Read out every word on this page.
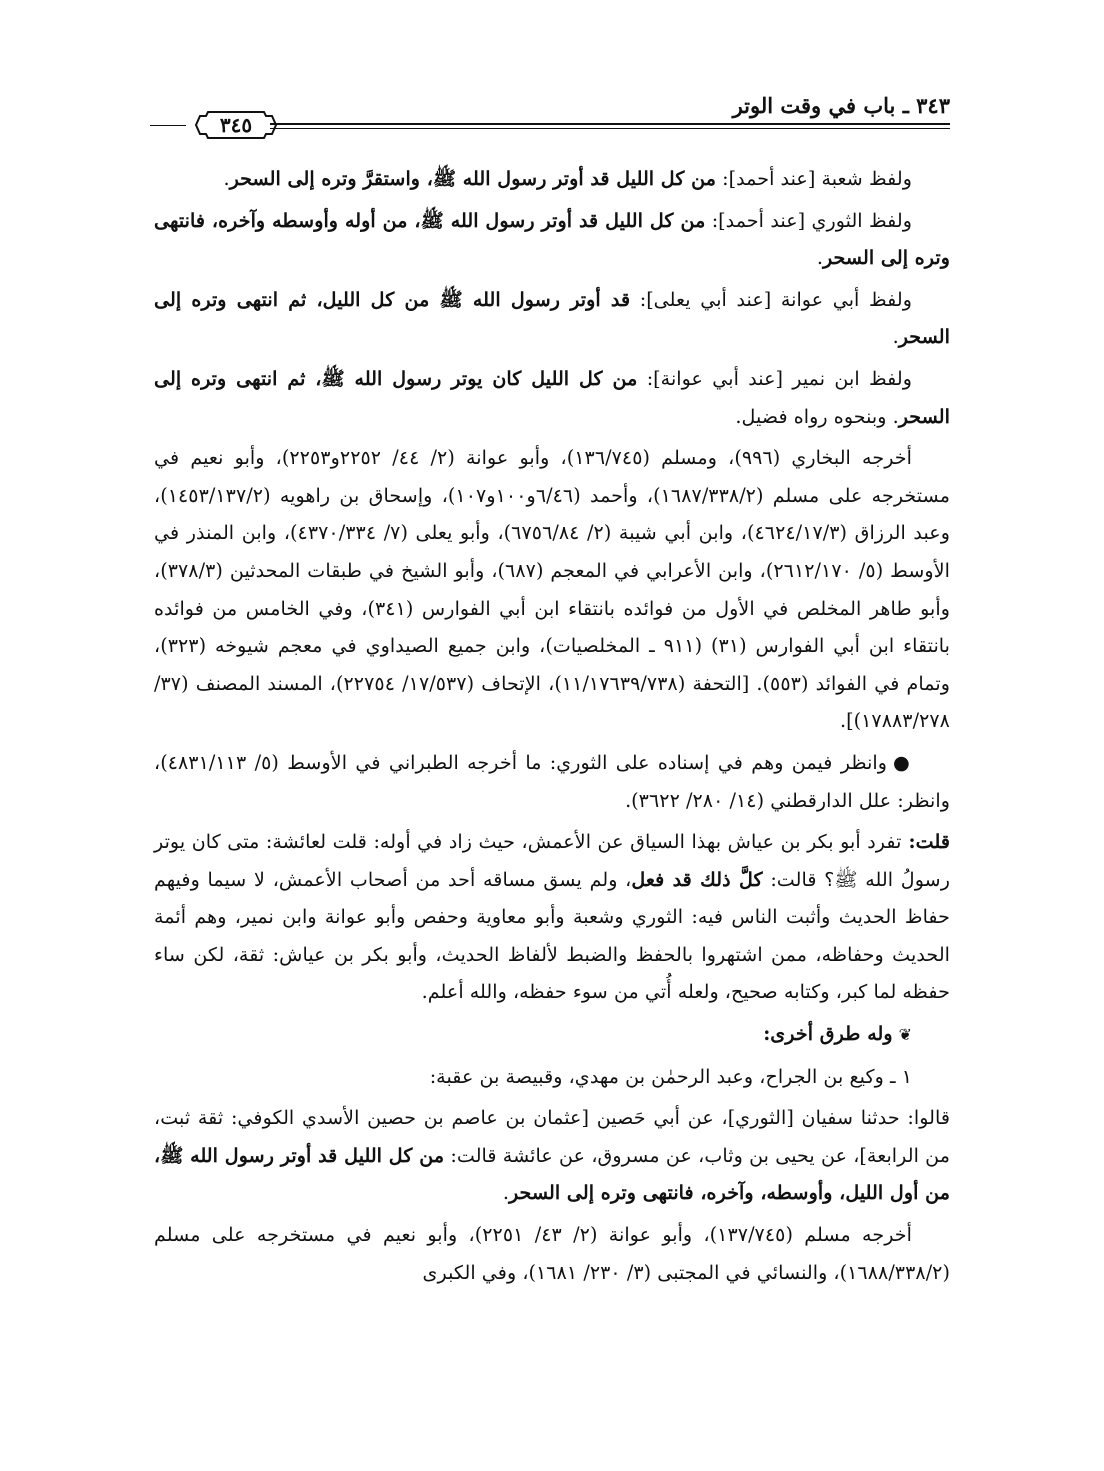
٣٤٣ ـ باب في وقت الوتر
٣٤٥

ولفظ شعبة [عند أحمد]: من كل الليل قد أوتر رسول الله ﷺ، واستقرَّ وتره إلى السحر.

ولفظ الثوري [عند أحمد]: من كل الليل قد أوتر رسول الله ﷺ، من أوله وأوسطه وآخره، فانتهى وتره إلى السحر.

ولفظ أبي عوانة [عند أبي يعلى]: قد أوتر رسول الله ﷺ من كل الليل، ثم انتهى وتره إلى السحر.

ولفظ ابن نمير [عند أبي عوانة]: من كل الليل كان يوتر رسول الله ﷺ، ثم انتهى وتره إلى السحر. وبنحوه رواه فضيل.

أخرجه البخاري (٩٩٦)، ومسلم (١٣٦/٧٤٥)، وأبو عوانة (٢/ ٤٤/ ٢٢٥٢و٢٢٥٣)، وأبو نعيم في مستخرجه على مسلم (١٦٨٧/٣٣٨/٢)، وأحمد (٦/٤٦و١٠٠و١٠٧)، وإسحاق بن راهويه (١٤٥٣/١٣٧/٢)، وعبد الرزاق (٤٦٢٤/١٧/٣)، وابن أبي شيبة (٢/ ٦٧٥٦/٨٤)، وأبو يعلى (٧/ ٤٣٧٠/٣٣٤)، وابن المنذر في الأوسط (٥/ ٢٦١٢/١٧٠)، وابن الأعرابي في المعجم (٦٨٧)، وأبو الشيخ في طبقات المحدثين (٣٧٨/٣)، وأبو طاهر المخلص في الأول من فوائده بانتقاء ابن أبي الفوارس (٣٤١)، وفي الخامس من فوائده بانتقاء ابن أبي الفوارس (٣١) (٩١١ ـ المخلصيات)، وابن جميع الصيداوي في معجم شيوخه (٣٢٣)، وتمام في الفوائد (٥٥٣). [التحفة (١١/١٧٦٣٩/٧٣٨)، الإتحاف (١٧/٥٣٧/ ٢٢٧٥٤)، المسند المصنف (٣٧/ ١٧٨٨٣/٢٧٨)].

●وانظر فيمن وهم في إسناده على الثوري: ما أخرجه الطبراني في الأوسط (٥/ ٤٨٣١/١١٣)، وانظر: علل الدارقطني (١٤/ ٢٨٠/ ٣٦٢٢).

قلت: تفرد أبو بكر بن عياش بهذا السياق عن الأعمش، حيث زاد في أوله: قلت لعائشة: متى كان يوتر رسولُ الله ﷺ؟ قالت: كلَّ ذلك قد فعل، ولم يسق مساقه أحد من أصحاب الأعمش، لا سيما وفيهم حفاظ الحديث وأثبت الناس فيه: الثوري وشعبة وأبو معاوية وحفص وأبو عوانة وابن نمير، وهم أئمة الحديث وحفاظه، ممن اشتهروا بالحفظ والضبط لألفاظ الحديث، وأبو بكر بن عياش: ثقة، لكن ساء حفظه لما كبر، وكتابه صحيح، ولعله أُتي من سوء حفظه، والله أعلم.

❦وله طرق أخرى:

١ ـ وكيع بن الجراح، وعبد الرحمٰن بن مهدي، وقبيصة بن عقبة:

قالوا: حدثنا سفيان [الثوري]، عن أبي حَصين [عثمان بن عاصم بن حصين الأسدي الكوفي: ثقة ثبت، من الرابعة]، عن يحيى بن وثاب، عن مسروق، عن عائشة قالت: من كل الليل قد أوتر رسول الله ﷺ، من أول الليل، وأوسطه، وآخره، فانتهى وتره إلى السحر.

أخرجه مسلم (١٣٧/٧٤٥)، وأبو عوانة (٢/ ٤٣/ ٢٢٥١)، وأبو نعيم في مستخرجه على مسلم (١٦٨٨/٣٣٨/٢)، والنسائي في المجتبى (٣/ ٢٣٠/ ١٦٨١)، وفي الكبرى
